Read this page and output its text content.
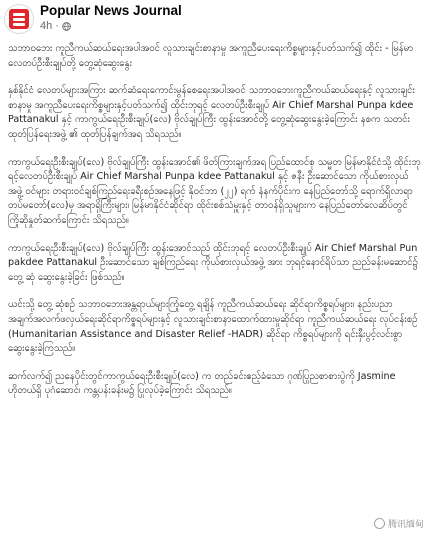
Popular News Journal
4h ·

သဘာဝဘေး ကူညီကယ်ဆယ်ရေးအပါအဝင် လူသားချင်းစာနာမှု အကူညီပေးရေးကိစ္စများနှင့်ပတ်သက်၍ ထိုင်း - မြန်မာ လေတပ်ဦးစီးချုပ်တို့ တွေ့ဆုံဆွေးနွေး

နှစ်နိုင်ငံ လေတပ်များအကြား ဆက်ဆံရေးကောင်းမွန်စေရေးအပါအဝင် သဘာဝဘေးကူညီကယ်ဆယ်ရေးနှင့် လူသားချင်းစာနာမှု အကူညီပေးရေးကိစ္စများနှင့်ပတ်သက်၍ ထိုင်းဘုရင့် လေတပ်ဦးစီးချုပ် Air Chief Marshal Punpa kdee Pattanakul နှင့် ကာကွယ်ရေးဦးစီးချုပ်(လေ) ဗိုလ်ချုပ်ကြီး ထွန်းအောင်တို့ တွေ့ဆုံဆွေးနွေးခဲ့ကြောင်း နစက သတင်းထုတ်ပြန်ရေးအဖွဲ့ ၏ ထုတ်ပြန်ချက်အရ သိရသည်။

ကာကွယ်ရေးဦးစီးချုပ်(လေ) ဗိုလ်ချုပ်ကြီး ထွန်းအောင်၏ ဖိတ်ကြားချက်အရ ပြည်ထောင်စု သမ္မတ မြန်မာနိုင်ငံသို့ ထိုင်းဘုရင့်လေတပ်ဦးစီးချုပ် Air Chief Marshal Punpa kdee Pattanakul နှင့် ဇနီး ဦးဆောင်သော ကိုယ်စားလှယ်အဖွဲ့ ဝင်များ တရားဝင်ချစ်ကြည်ရေးခရီးစဉ်အနေဖြင့် နိုဝင်ဘာ (၂၂) ရက် နံနက်ပိုင်းက နေပြည်တော်သို့ ရောက်ရှိလာရာ တပ်မတော်(လေ)မှ အရာရှိကြီးများ၊ မြန်မာနိုင်ငံဆိုင်ရာ ထိုင်းစစ်သံမှူးနှင့် တာဝန်ရှိသူများက နေပြည်တော်လေဆိပ်တွင် ကြိုဆိုနှုတ်ဆက်ကြောင်း သိရသည်။

ကာကွယ်ရေးဦးစီးချုပ်(လေ) ဗိုလ်ချုပ်ကြီး ထွန်းအောင်သည် ထိုင်းဘုရင့် လေတပ်ဦးစီးချုပ် Air Chief Marshal Pun pakdee Pattanakul ဦးဆောင်သော ချစ်ကြည်ရေး ကိုယ်စားလှယ်အဖွဲ့ အား ဘုရင့်နောင်ရိပ်သာ ညည်ခန်းမဆောင်၌ တွေ့ ဆုံ ဆွေးနွေးခဲ့ခြင်း ဖြစ်သည်။

ယင်းသို့ တွေ့ ဆုံစဉ် သဘာဝဘေးအန္တရာယ်များကြုံတွေ့ ရချိန် ကူညီကယ်ဆယ်ရေး ဆိုင်ရာကိစ္စရပ်များ၊ နည်းပညာ အချက်အလက်ဖလှယ်ရေးဆိုင်ရာကိစ္စရပ်များနှင့် လူသားချင်းစာနာထောက်ထားမှုဆိုင်ရာ ကူညီကယ်ဆယ်ရေး လုပ်ငန်းစဉ် (Humanitarian Assistance and Disaster Relief -HADR) ဆိုင်ရာ ကိစ္စရပ်များကို ရင်းနှီးပွင့်လင်းစွာ ဆွေးနွေးခဲ့ကြသည်။

ဆက်လက်၍ ညနေပိုင်းတွင်ကာကွယ်ရေးဦးစီးချုပ်(လေ) က တည်ခင်းဧည့်ခံသော ဂုဏ်ပြုညစာစားပွဲကို Jasmine ဟိုတယ်ရှိ ပုဂံဆောင်၊ ကန္တပန်းခန်းမ၌ ပြုလုပ်ခဲ့ကြောင်း သိရသည်။

腾讯缅甸
